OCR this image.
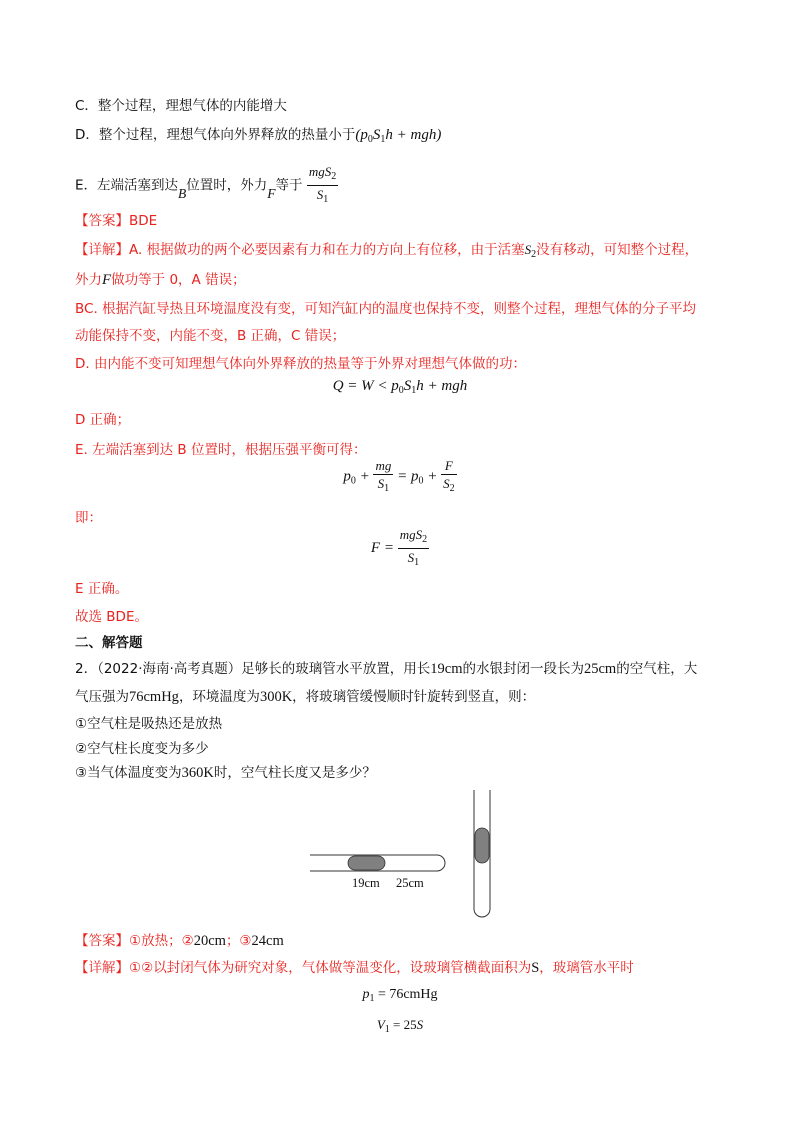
C．整个过程，理想气体的内能增大
D．整个过程，理想气体向外界释放的热量小于$(p_0S_1h + mgh)$
E．左端活塞到达B位置时，外力F等于 $\frac{mgS_2}{S_1}$
【答案】BDE
【详解】A. 根据做功的两个必要因素有力和在力的方向上有位移，由于活塞$S_2$没有移动，可知整个过程，
外力F做功等于 0，A 错误；
BC. 根据汽缸导热且环境温度没有变，可知汽缸内的温度也保持不变，则整个过程，理想气体的分子平均
动能保持不变，内能不变，B 正确，C 错误；
D. 由内能不变可知理想气体向外界释放的热量等于外界对理想气体做的功：
$Q = W < p_0S_1h$ + mgh
D 正确；
E. 左端活塞到达 B 位置时，根据压强平衡可得：
$p_0 + \frac{mg}{S_1} = p_0 + \frac{F}{S_2}$
即：
$F = \frac{mgS_2}{S_1}$
E 正确。
故选 BDE。
二、解答题
2．（2022·海南·高考真题）足够长的玻璃管水平放置，用长19cm的水银封闭一段长为25cm的空气柱，大
气压强为76cmHg，环境温度为300K，将玻璃管缓慢顺时针旋转到竖直，则：
①空气柱是吸热还是放热
②空气柱长度变为多少
③当气体温度变为360K时，空气柱长度又是多少？
19cm 25cm
【答案】①放热；②20cm；③24cm
【详解】①②以封闭气体为研究对象，气体做等温变化，设玻璃管横截面积为S，玻璃管水平时
$p_1$ = 76cmHg
$V_1 = 25S$
